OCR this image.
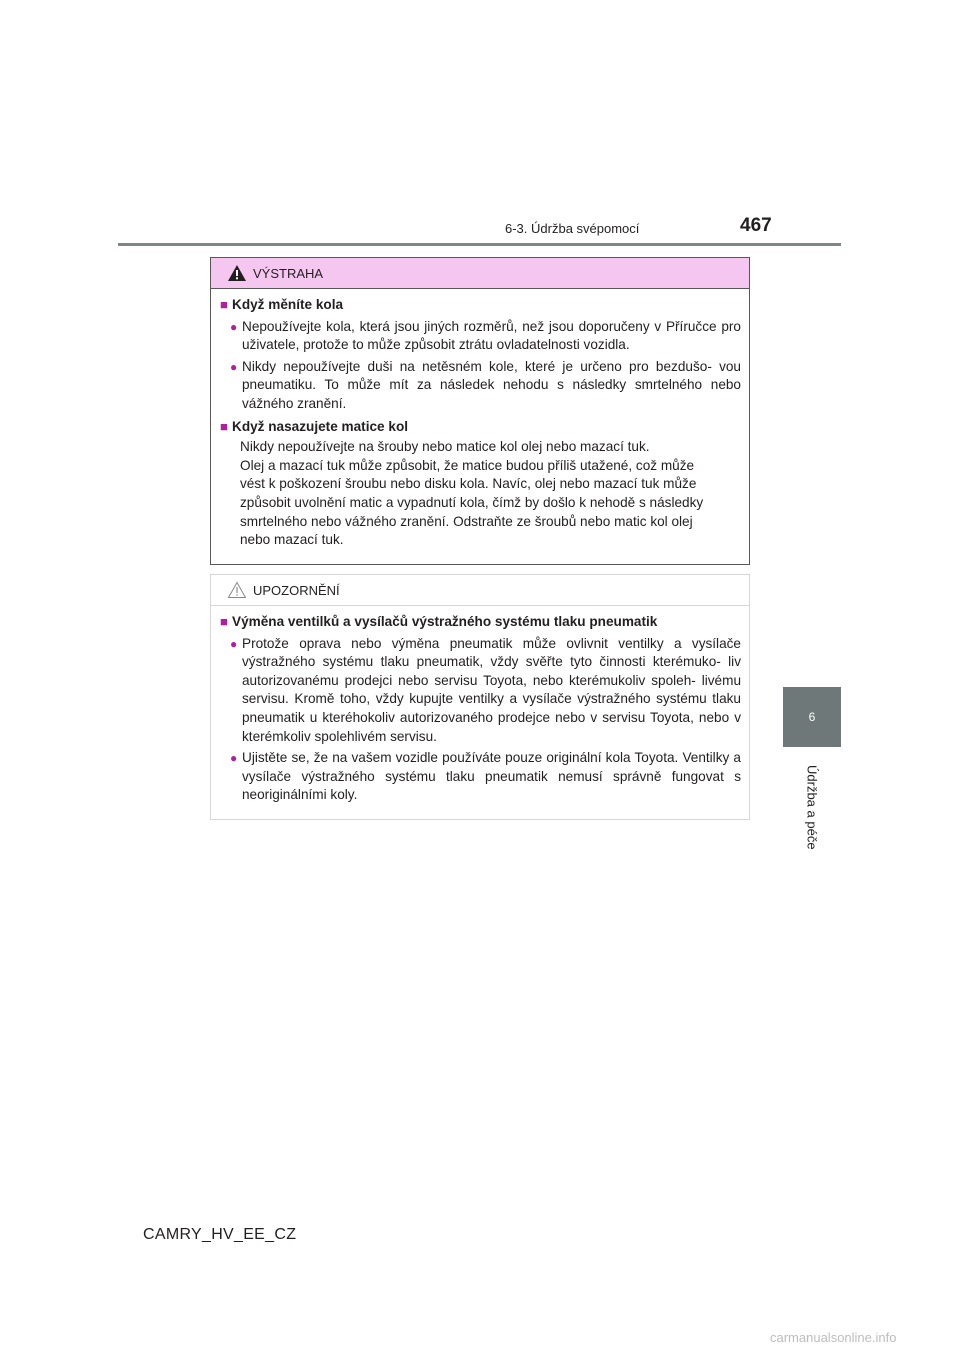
6-3. Údržba svépomocí	467
6
Údržba a péče
VÝSTRAHA
■ Když měníte kola
● Nepoužívejte kola, která jsou jiných rozměrů, než jsou doporučeny v Příručce pro uživatele, protože to může způsobit ztrátu ovladatelnosti vozidla.
● Nikdy nepoužívejte duši na netěsném kole, které je určeno pro bezdušo- vou pneumatiku. To může mít za následek nehodu s následky smrtelného nebo vážného zranění.
■ Když nasazujete matice kol
Nikdy nepoužívejte na šrouby nebo matice kol olej nebo mazací tuk.
Olej a mazací tuk může způsobit, že matice budou příliš utažené, což může
vést k poškození šroubu nebo disku kola. Navíc, olej nebo mazací tuk může
způsobit uvolnění matic a vypadnutí kola, čímž by došlo k nehodě s následky
smrtelného nebo vážného zranění. Odstraňte ze šroubů nebo matic kol olej
nebo mazací tuk.
UPOZORNĚNÍ
■ Výměna ventilků a vysílačů výstražného systému tlaku pneumatik
● Protože oprava nebo výměna pneumatik může ovlivnit ventilky a vysílače výstražného systému tlaku pneumatik, vždy svěřte tyto činnosti kterémuko- liv autorizovanému prodejci nebo servisu Toyota, nebo kterémukoliv spoleh- livému servisu. Kromě toho, vždy kupujte ventilky a vysílače výstražného systému tlaku pneumatik u kteréhokoliv autorizovaného prodejce nebo v servisu Toyota, nebo v kterémkoliv spolehlivém servisu.
● Ujistěte se, že na vašem vozidle používáte pouze originální kola Toyota. Ventilky a vysílače výstražného systému tlaku pneumatik nemusí správně fungovat s neoriginálními koly.
CAMRY_HV_EE_CZ
carmanualsonline.info
